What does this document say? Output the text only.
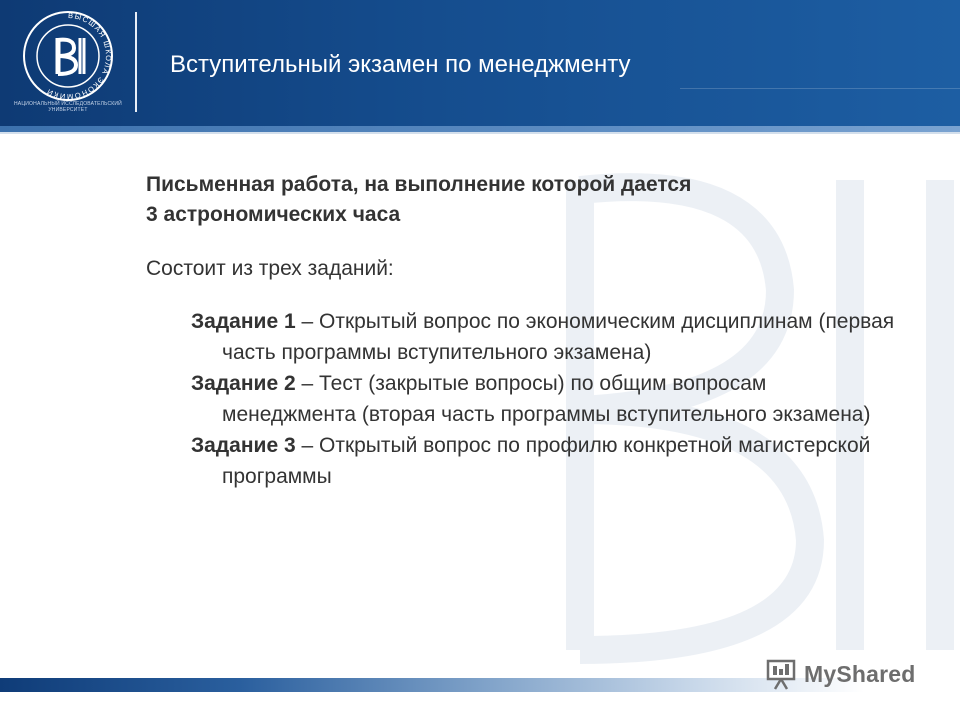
ВЫСШАЯ ШКОЛА ЭКОНОМИКИ
НАЦИОНАЛЬНЫЙ ИССЛЕДОВАТЕЛЬСКИЙ УНИВЕРСИТЕТ
Вступительный экзамен по менеджменту

Письменная работа, на выполнение которой дается
3 астрономических часа

Состоит из трех заданий:

Задание 1 – Открытый вопрос по экономическим дисциплинам (первая часть программы вступительного экзамена)
Задание 2 – Тест (закрытые вопросы) по общим вопросам менеджмента (вторая часть программы вступительного экзамена)
Задание 3 – Открытый вопрос по профилю конкретной магистерской программы
MyShared
